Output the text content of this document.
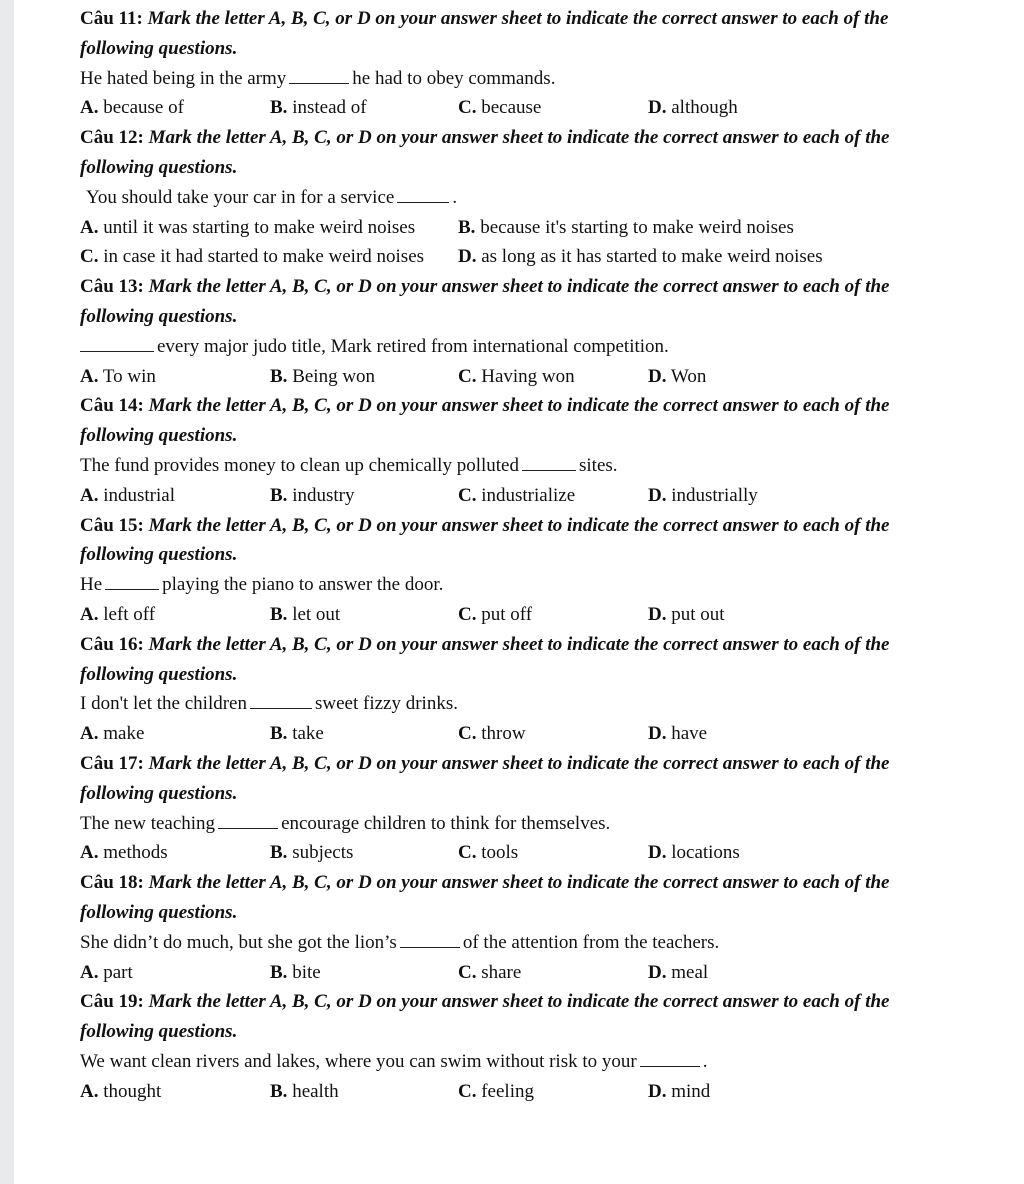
Câu 11: Mark the letter A, B, C, or D on your answer sheet to indicate the correct answer to each of the
following questions.
He hated being in the army	he had to obey commands.
A. because of	B. instead of	C. because	D. although
Câu 12: Mark the letter A, B, C, or D on your answer sheet to indicate the correct answer to each of the
following questions.
You should take your car in for a service	.
A. until it was starting to make weird noises B. because it's starting to make weird noises
C. in case it had started to make weird noises D. as long as it has started to make weird noises
Câu 13: Mark the letter A, B, C, or D on your answer sheet to indicate the correct answer to each of the
following questions.
every major judo title, Mark retired from international competition.
A. To win	B. Being won	C. Having won	D. Won
Câu 14: Mark the letter A, B, C, or D on your answer sheet to indicate the correct answer to each of the
following questions.
The fund provides money to clean up chemically polluted	sites.
A. industrial	B. industry	C. industrialize	D. industrially
Câu 15: Mark the letter A, B, C, or D on your answer sheet to indicate the correct answer to each of the
following questions.
He	playing the piano to answer the door.
A. left off	B. let out	C. put off	D. put out
Câu 16: Mark the letter A, B, C, or D on your answer sheet to indicate the correct answer to each of the
following questions.
I don't let the children	sweet fizzy drinks.
A. make	B. take	C. throw	D. have
Câu 17: Mark the letter A, B, C, or D on your answer sheet to indicate the correct answer to each of the
following questions.
The new teaching	encourage children to think for themselves.
A. methods	B. subjects	C. tools	D. locations
Câu 18: Mark the letter A, B, C, or D on your answer sheet to indicate the correct answer to each of the
following questions.
She didn’t do much, but she got the lion’s	of the attention from the teachers.
A. part	B. bite	C. share	D. meal
Câu 19: Mark the letter A, B, C, or D on your answer sheet to indicate the correct answer to each of the
following questions.
We want clean rivers and lakes, where you can swim without risk to your	.
A. thought	B. health	C. feeling	D. mind
